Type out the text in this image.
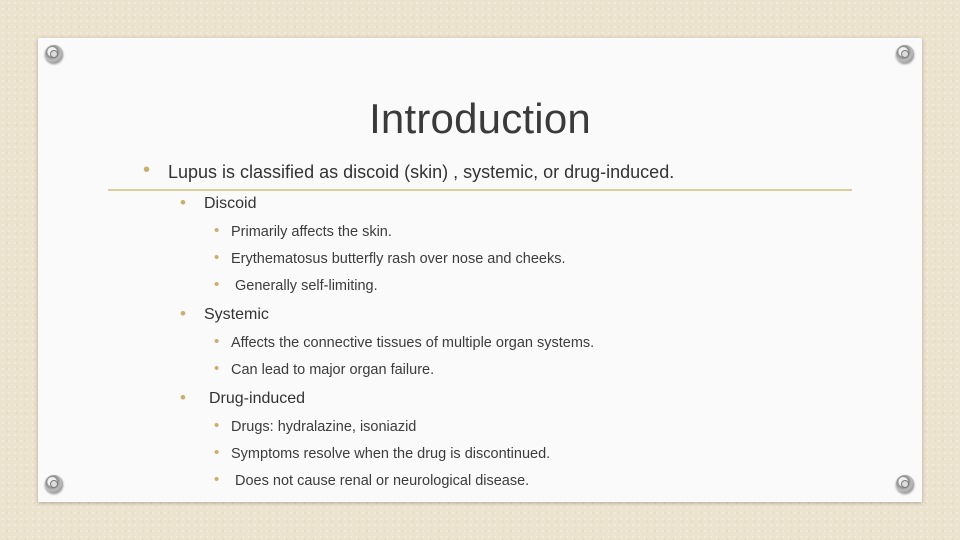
Introduction
• Lupus is classified as discoid (skin) , systemic, or drug-induced.
• Discoid
• Primarily affects the skin.
• Erythematosus butterfly rash over nose and cheeks.
• Generally self-limiting.
• Systemic
• Affects the connective tissues of multiple organ systems.
• Can lead to major organ failure.
• Drug-induced
• Drugs: hydralazine, isoniazid
• Symptoms resolve when the drug is discontinued.
• Does not cause renal or neurological disease.
